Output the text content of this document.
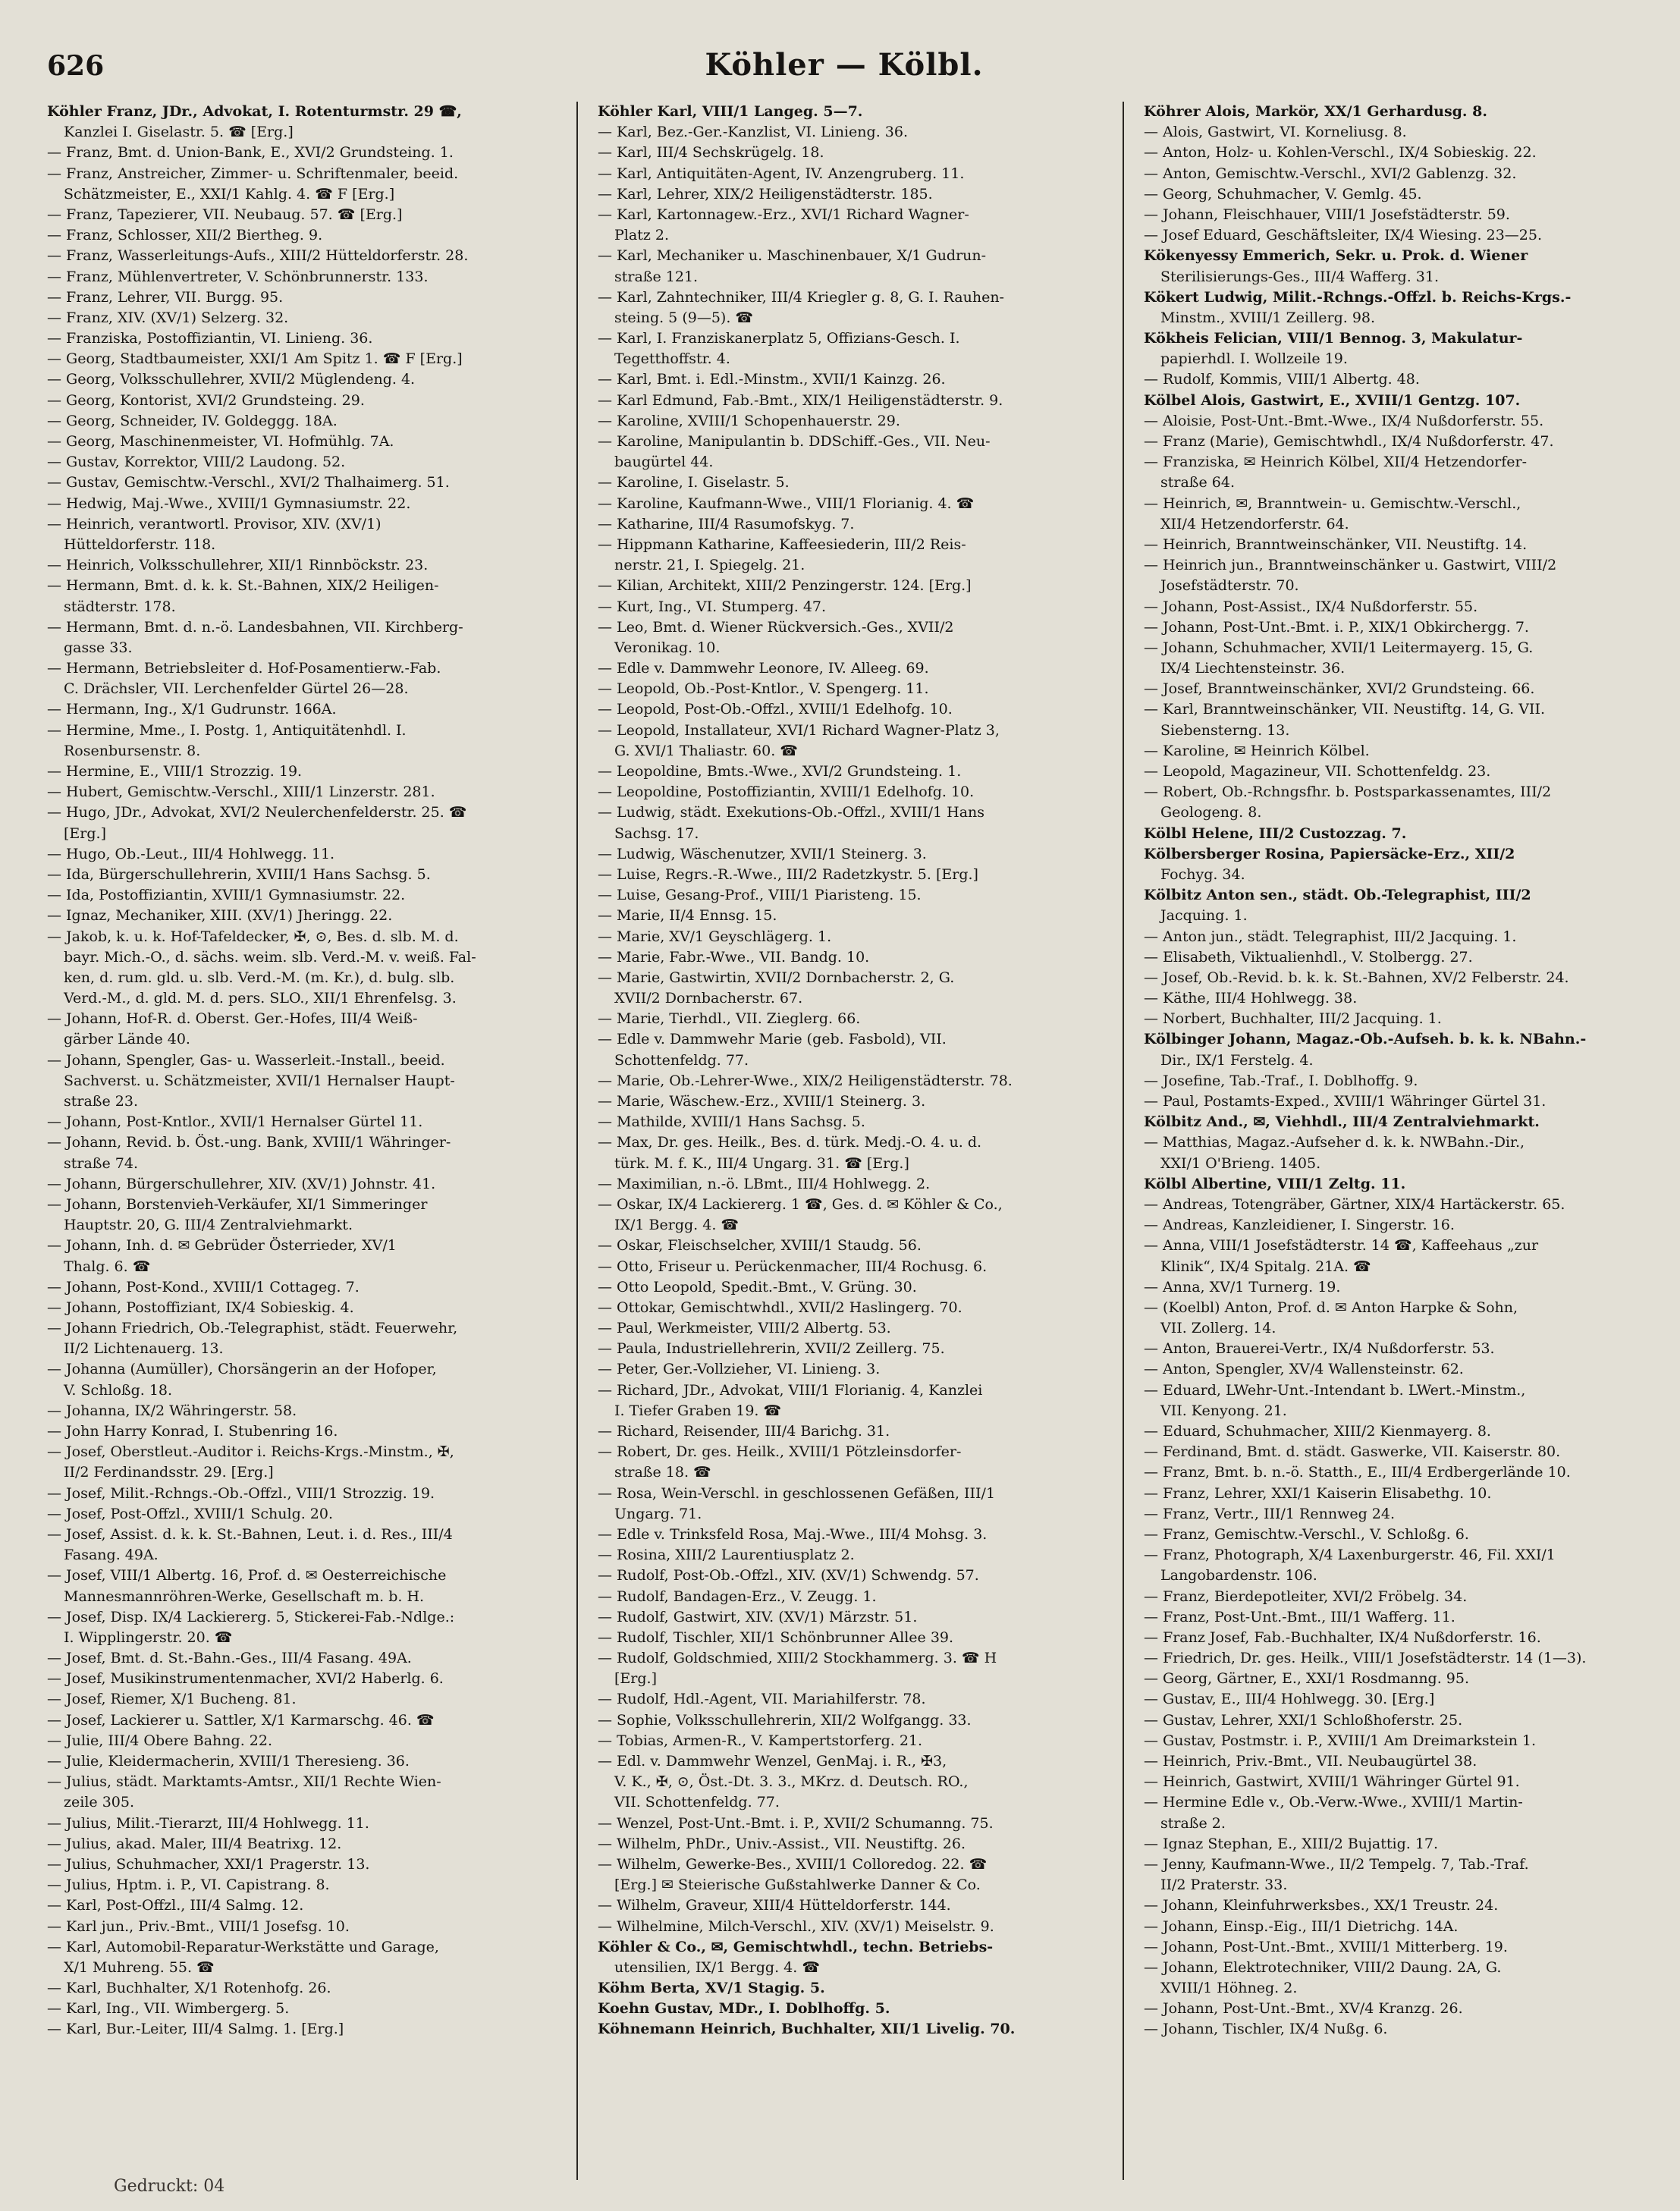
626	Köhler — Kölbl.
Köhler Franz, JDr., Advokat, I. Rotenturmstr. 29 ☎,
Kanzlei I. Giselastr. 5. ☎ [Erg.]
— Franz, Bmt. d. Union-Bank, E., XVI/2 Grundsteing. 1.
— Franz, Anstreicher, Zimmer- u. Schriftenmaler, beeid.
Schätzmeister, E., XXI/1 Kahlg. 4. ☎ F [Erg.]
— Franz, Tapezierer, VII. Neubaug. 57. ☎ [Erg.]
— Franz, Schlosser, XII/2 Biertheg. 9.
— Franz, Wasserleitungs-Aufs., XIII/2 Hütteldorferstr. 28.
— Franz, Mühlenvertreter, V. Schönbrunnerstr. 133.
— Franz, Lehrer, VII. Burgg. 95.
— Franz, XIV. (XV/1) Selzerg. 32.
— Franziska, Postoffiziantin, VI. Linieng. 36.
— Georg, Stadtbaumeister, XXI/1 Am Spitz 1. ☎ F [Erg.]
— Georg, Volksschullehrer, XVII/2 Müglendeng. 4.
— Georg, Kontorist, XVI/2 Grundsteing. 29.
— Georg, Schneider, IV. Goldeggg. 18A.
— Georg, Maschinenmeister, VI. Hofmühlg. 7A.
— Gustav, Korrektor, VIII/2 Laudong. 52.
— Gustav, Gemischtw.-Verschl., XVI/2 Thalhaimerg. 51.
— Hedwig, Maj.-Wwe., XVIII/1 Gymnasiumstr. 22.
— Heinrich, verantwortl. Provisor, XIV. (XV/1)
Hütteldorferstr. 118.
— Heinrich, Volksschullehrer, XII/1 Rinnböckstr. 23.
— Hermann, Bmt. d. k. k. St.-Bahnen, XIX/2 Heiligen-
städterstr. 178.
— Hermann, Bmt. d. n.-ö. Landesbahnen, VII. Kirchberg-
gasse 33.
— Hermann, Betriebsleiter d. Hof-Posamentierw.-Fab.
C. Drächsler, VII. Lerchenfelder Gürtel 26—28.
— Hermann, Ing., X/1 Gudrunstr. 166A.
— Hermine, Mme., I. Postg. 1, Antiquitätenhdl. I.
Rosenbursenstr. 8.
— Hermine, E., VIII/1 Strozzig. 19.
— Hubert, Gemischtw.-Verschl., XIII/1 Linzerstr. 281.
— Hugo, JDr., Advokat, XVI/2 Neulerchenfelderstr. 25. ☎
[Erg.]
— Hugo, Ob.-Leut., III/4 Hohlwegg. 11.
— Ida, Bürgerschullehrerin, XVIII/1 Hans Sachsg. 5.
— Ida, Postoffiziantin, XVIII/1 Gymnasiumstr. 22.
— Ignaz, Mechaniker, XIII. (XV/1) Jheringg. 22.
— Jakob, k. u. k. Hof-Tafeldecker, ✠, ⊙, Bes. d. slb. M. d.
bayr. Mich.-O., d. sächs. weim. slb. Verd.-M. v. weiß. Fal-
ken, d. rum. gld. u. slb. Verd.-M. (m. Kr.), d. bulg. slb.
Verd.-M., d. gld. M. d. pers. SLO., XII/1 Ehrenfelsg. 3.
— Johann, Hof-R. d. Oberst. Ger.-Hofes, III/4 Weiß-
gärber Lände 40.
— Johann, Spengler, Gas- u. Wasserleit.-Install., beeid.
Sachverst. u. Schätzmeister, XVII/1 Hernalser Haupt-
straße 23.
— Johann, Post-Kntlor., XVII/1 Hernalser Gürtel 11.
— Johann, Revid. b. Öst.-ung. Bank, XVIII/1 Währinger-
straße 74.
— Johann, Bürgerschullehrer, XIV. (XV/1) Johnstr. 41.
— Johann, Borstenvieh-Verkäufer, XI/1 Simmeringer
Hauptstr. 20, G. III/4 Zentralviehmarkt.
— Johann, Inh. d. ✉ Gebrüder Österrieder, XV/1
Thalg. 6. ☎
— Johann, Post-Kond., XVIII/1 Cottageg. 7.
— Johann, Postoffiziant, IX/4 Sobieskig. 4.
— Johann Friedrich, Ob.-Telegraphist, städt. Feuerwehr,
II/2 Lichtenauerg. 13.
— Johanna (Aumüller), Chorsängerin an der Hofoper,
V. Schloßg. 18.
— Johanna, IX/2 Währingerstr. 58.
— John Harry Konrad, I. Stubenring 16.
— Josef, Oberstleut.-Auditor i. Reichs-Krgs.-Minstm., ✠,
II/2 Ferdinandsstr. 29. [Erg.]
— Josef, Milit.-Rchngs.-Ob.-Offzl., VIII/1 Strozzig. 19.
— Josef, Post-Offzl., XVIII/1 Schulg. 20.
— Josef, Assist. d. k. k. St.-Bahnen, Leut. i. d. Res., III/4
Fasang. 49A.
— Josef, VIII/1 Albertg. 16, Prof. d. ✉ Oesterreichische
Mannesmannröhren-Werke, Gesellschaft m. b. H.
— Josef, Disp. IX/4 Lackiererg. 5, Stickerei-Fab.-Ndlge.:
I. Wipplingerstr. 20. ☎
— Josef, Bmt. d. St.-Bahn.-Ges., III/4 Fasang. 49A.
— Josef, Musikinstrumentenmacher, XVI/2 Haberlg. 6.
— Josef, Riemer, X/1 Bucheng. 81.
— Josef, Lackierer u. Sattler, X/1 Karmarschg. 46. ☎
— Julie, III/4 Obere Bahng. 22.
— Julie, Kleidermacherin, XVIII/1 Theresieng. 36.
— Julius, städt. Marktamts-Amtsr., XII/1 Rechte Wien-
zeile 305.
— Julius, Milit.-Tierarzt, III/4 Hohlwegg. 11.
— Julius, akad. Maler, III/4 Beatrixg. 12.
— Julius, Schuhmacher, XXI/1 Pragerstr. 13.
— Julius, Hptm. i. P., VI. Capistrang. 8.
— Karl, Post-Offzl., III/4 Salmg. 12.
— Karl jun., Priv.-Bmt., VIII/1 Josefsg. 10.
— Karl, Automobil-Reparatur-Werkstätte und Garage,
X/1 Muhreng. 55. ☎
— Karl, Buchhalter, X/1 Rotenhofg. 26.
— Karl, Ing., VII. Wimbergerg. 5.
— Karl, Bur.-Leiter, III/4 Salmg. 1. [Erg.]
Köhler Karl, VIII/1 Langeg. 5—7.
— Karl, Bez.-Ger.-Kanzlist, VI. Linieng. 36.
— Karl, III/4 Sechskrügelg. 18.
— Karl, Antiquitäten-Agent, IV. Anzengruberg. 11.
— Karl, Lehrer, XIX/2 Heiligenstädterstr. 185.
— Karl, Kartonnagew.-Erz., XVI/1 Richard Wagner-
Platz 2.
— Karl, Mechaniker u. Maschinenbauer, X/1 Gudrun-
straße 121.
— Karl, Zahntechniker, III/4 Kriegler g. 8, G. I. Rauhen-
steing. 5 (9—5). ☎
— Karl, I. Franziskanerplatz 5, Offizians-Gesch. I.
Tegetthoffstr. 4.
— Karl, Bmt. i. Edl.-Minstm., XVII/1 Kainzg. 26.
— Karl Edmund, Fab.-Bmt., XIX/1 Heiligenstädterstr. 9.
— Karoline, XVIII/1 Schopenhauerstr. 29.
— Karoline, Manipulantin b. DDSchiff.-Ges., VII. Neu-
baugürtel 44.
— Karoline, I. Giselastr. 5.
— Karoline, Kaufmann-Wwe., VIII/1 Florianig. 4. ☎
— Katharine, III/4 Rasumofskyg. 7.
— Hippmann Katharine, Kaffeesiederin, III/2 Reis-
nerstr. 21, I. Spiegelg. 21.
— Kilian, Architekt, XIII/2 Penzingerstr. 124. [Erg.]
— Kurt, Ing., VI. Stumperg. 47.
— Leo, Bmt. d. Wiener Rückversich.-Ges., XVII/2
Veronikag. 10.
— Edle v. Dammwehr Leonore, IV. Alleeg. 69.
— Leopold, Ob.-Post-Kntlor., V. Spengerg. 11.
— Leopold, Post-Ob.-Offzl., XVIII/1 Edelhofg. 10.
— Leopold, Installateur, XVI/1 Richard Wagner-Platz 3,
G. XVI/1 Thaliastr. 60. ☎
— Leopoldine, Bmts.-Wwe., XVI/2 Grundsteing. 1.
— Leopoldine, Postoffiziantin, XVIII/1 Edelhofg. 10.
— Ludwig, städt. Exekutions-Ob.-Offzl., XVIII/1 Hans
Sachsg. 17.
— Ludwig, Wäschenutzer, XVII/1 Steinerg. 3.
— Luise, Regrs.-R.-Wwe., III/2 Radetzkystr. 5. [Erg.]
— Luise, Gesang-Prof., VIII/1 Piaristeng. 15.
— Marie, II/4 Ennsg. 15.
— Marie, XV/1 Geyschlägerg. 1.
— Marie, Fabr.-Wwe., VII. Bandg. 10.
— Marie, Gastwirtin, XVII/2 Dornbacherstr. 2, G.
XVII/2 Dornbacherstr. 67.
— Marie, Tierhdl., VII. Zieglerg. 66.
— Edle v. Dammwehr Marie (geb. Fasbold), VII.
Schottenfeldg. 77.
— Marie, Ob.-Lehrer-Wwe., XIX/2 Heiligenstädterstr. 78.
— Marie, Wäschew.-Erz., XVIII/1 Steinerg. 3.
— Mathilde, XVIII/1 Hans Sachsg. 5.
— Max, Dr. ges. Heilk., Bes. d. türk. Medj.-O. 4. u. d.
türk. M. f. K., III/4 Ungarg. 31. ☎ [Erg.]
— Maximilian, n.-ö. LBmt., III/4 Hohlwegg. 2.
— Oskar, IX/4 Lackiererg. 1 ☎, Ges. d. ✉ Köhler & Co.,
IX/1 Bergg. 4. ☎
— Oskar, Fleischselcher, XVIII/1 Staudg. 56.
— Otto, Friseur u. Perückenmacher, III/4 Rochusg. 6.
— Otto Leopold, Spedit.-Bmt., V. Grüng. 30.
— Ottokar, Gemischtwhdl., XVII/2 Haslingerg. 70.
— Paul, Werkmeister, VIII/2 Albertg. 53.
— Paula, Industriellehrerin, XVII/2 Zeillerg. 75.
— Peter, Ger.-Vollzieher, VI. Linieng. 3.
— Richard, JDr., Advokat, VIII/1 Florianig. 4, Kanzlei
I. Tiefer Graben 19. ☎
— Richard, Reisender, III/4 Barichg. 31.
— Robert, Dr. ges. Heilk., XVIII/1 Pötzleinsdorfer-
straße 18. ☎
— Rosa, Wein-Verschl. in geschlossenen Gefäßen, III/1
Ungarg. 71.
— Edle v. Trinksfeld Rosa, Maj.-Wwe., III/4 Mohsg. 3.
— Rosina, XIII/2 Laurentiusplatz 2.
— Rudolf, Post-Ob.-Offzl., XIV. (XV/1) Schwendg. 57.
— Rudolf, Bandagen-Erz., V. Zeugg. 1.
— Rudolf, Gastwirt, XIV. (XV/1) Märzstr. 51.
— Rudolf, Tischler, XII/1 Schönbrunner Allee 39.
— Rudolf, Goldschmied, XIII/2 Stockhammerg. 3. ☎ H
[Erg.]
— Rudolf, Hdl.-Agent, VII. Mariahilferstr. 78.
— Sophie, Volksschullehrerin, XII/2 Wolfgangg. 33.
— Tobias, Armen-R., V. Kampertstorferg. 21.
— Edl. v. Dammwehr Wenzel, GenMaj. i. R., ✠3,
V. K., ✠, ⊙, Öst.-Dt. 3. 3., MKrz. d. Deutsch. RO.,
VII. Schottenfeldg. 77.
— Wenzel, Post-Unt.-Bmt. i. P., XVII/2 Schumanng. 75.
— Wilhelm, PhDr., Univ.-Assist., VII. Neustiftg. 26.
— Wilhelm, Gewerke-Bes., XVIII/1 Colloredog. 22. ☎
[Erg.] ✉ Steierische Gußstahlwerke Danner & Co.
— Wilhelm, Graveur, XIII/4 Hütteldorferstr. 144.
— Wilhelmine, Milch-Verschl., XIV. (XV/1) Meiselstr. 9.
Köhler & Co., ✉, Gemischtwhdl., techn. Betriebs-
utensilien, IX/1 Bergg. 4. ☎
Köhm Berta, XV/1 Stagig. 5.
Koehn Gustav, MDr., I. Doblhoffg. 5.
Köhnemann Heinrich, Buchhalter, XII/1 Livelig. 70.
Köhrer Alois, Markör, XX/1 Gerhardusg. 8.
— Alois, Gastwirt, VI. Korneliusg. 8.
— Anton, Holz- u. Kohlen-Verschl., IX/4 Sobieskig. 22.
— Anton, Gemischtw.-Verschl., XVI/2 Gablenzg. 32.
— Georg, Schuhmacher, V. Gemlg. 45.
— Johann, Fleischhauer, VIII/1 Josefstädterstr. 59.
— Josef Eduard, Geschäftsleiter, IX/4 Wiesing. 23—25.
Kökenyessy Emmerich, Sekr. u. Prok. d. Wiener
Sterilisierungs-Ges., III/4 Wafferg. 31.
Kökert Ludwig, Milit.-Rchngs.-Offzl. b. Reichs-Krgs.-
Minstm., XVIII/1 Zeillerg. 98.
Kökheis Felician, VIII/1 Bennog. 3, Makulatur-
papierhdl. I. Wollzeile 19.
— Rudolf, Kommis, VIII/1 Albertg. 48.
Kölbel Alois, Gastwirt, E., XVIII/1 Gentzg. 107.
— Aloisie, Post-Unt.-Bmt.-Wwe., IX/4 Nußdorferstr. 55.
— Franz (Marie), Gemischtwhdl., IX/4 Nußdorferstr. 47.
— Franziska, ✉ Heinrich Kölbel, XII/4 Hetzendorfer-
straße 64.
— Heinrich, ✉, Branntwein- u. Gemischtw.-Verschl.,
XII/4 Hetzendorferstr. 64.
— Heinrich, Branntweinschänker, VII. Neustiftg. 14.
— Heinrich jun., Branntweinschänker u. Gastwirt, VIII/2
Josefstädterstr. 70.
— Johann, Post-Assist., IX/4 Nußdorferstr. 55.
— Johann, Post-Unt.-Bmt. i. P., XIX/1 Obkirchergg. 7.
— Johann, Schuhmacher, XVII/1 Leitermayerg. 15, G.
IX/4 Liechtensteinstr. 36.
— Josef, Branntweinschänker, XVI/2 Grundsteing. 66.
— Karl, Branntweinschänker, VII. Neustiftg. 14, G. VII.
Siebensterng. 13.
— Karoline, ✉ Heinrich Kölbel.
— Leopold, Magazineur, VII. Schottenfeldg. 23.
— Robert, Ob.-Rchngsfhr. b. Postsparkassenamtes, III/2
Geologeng. 8.
Kölbl Helene, III/2 Custozzag. 7.
Kölbersberger Rosina, Papiersäcke-Erz., XII/2
Fochyg. 34.
Kölbitz Anton sen., städt. Ob.-Telegraphist, III/2
Jacquing. 1.
— Anton jun., städt. Telegraphist, III/2 Jacquing. 1.
— Elisabeth, Viktualienhdl., V. Stolbergg. 27.
— Josef, Ob.-Revid. b. k. k. St.-Bahnen, XV/2 Felberstr. 24.
— Käthe, III/4 Hohlwegg. 38.
— Norbert, Buchhalter, III/2 Jacquing. 1.
Kölbinger Johann, Magaz.-Ob.-Aufseh. b. k. k. NBahn.-
Dir., IX/1 Ferstelg. 4.
— Josefine, Tab.-Traf., I. Doblhoffg. 9.
— Paul, Postamts-Exped., XVIII/1 Währinger Gürtel 31.
Kölbitz And., ✉, Viehhdl., III/4 Zentralviehmarkt.
— Matthias, Magaz.-Aufseher d. k. k. NWBahn.-Dir.,
XXI/1 O'Brieng. 1405.
Kölbl Albertine, VIII/1 Zeltg. 11.
— Andreas, Totengräber, Gärtner, XIX/4 Hartäckerstr. 65.
— Andreas, Kanzleidiener, I. Singerstr. 16.
— Anna, VIII/1 Josefstädterstr. 14 ☎, Kaffeehaus „zur
Klinik“, IX/4 Spitalg. 21A. ☎
— Anna, XV/1 Turnerg. 19.
— (Koelbl) Anton, Prof. d. ✉ Anton Harpke & Sohn,
VII. Zollerg. 14.
— Anton, Brauerei-Vertr., IX/4 Nußdorferstr. 53.
— Anton, Spengler, XV/4 Wallensteinstr. 62.
— Eduard, LWehr-Unt.-Intendant b. LWert.-Minstm.,
VII. Kenyong. 21.
— Eduard, Schuhmacher, XIII/2 Kienmayerg. 8.
— Ferdinand, Bmt. d. städt. Gaswerke, VII. Kaiserstr. 80.
— Franz, Bmt. b. n.-ö. Statth., E., III/4 Erdbergerlände 10.
— Franz, Lehrer, XXI/1 Kaiserin Elisabethg. 10.
— Franz, Vertr., III/1 Rennweg 24.
— Franz, Gemischtw.-Verschl., V. Schloßg. 6.
— Franz, Photograph, X/4 Laxenburgerstr. 46, Fil. XXI/1
Langobardenstr. 106.
— Franz, Bierdepotleiter, XVI/2 Fröbelg. 34.
— Franz, Post-Unt.-Bmt., III/1 Wafferg. 11.
— Franz Josef, Fab.-Buchhalter, IX/4 Nußdorferstr. 16.
— Friedrich, Dr. ges. Heilk., VIII/1 Josefstädterstr. 14 (1—3).
— Georg, Gärtner, E., XXI/1 Rosdmanng. 95.
— Gustav, E., III/4 Hohlwegg. 30. [Erg.]
— Gustav, Lehrer, XXI/1 Schloßhoferstr. 25.
— Gustav, Postmstr. i. P., XVIII/1 Am Dreimarkstein 1.
— Heinrich, Priv.-Bmt., VII. Neubaugürtel 38.
— Heinrich, Gastwirt, XVIII/1 Währinger Gürtel 91.
— Hermine Edle v., Ob.-Verw.-Wwe., XVIII/1 Martin-
straße 2.
— Ignaz Stephan, E., XIII/2 Bujattig. 17.
— Jenny, Kaufmann-Wwe., II/2 Tempelg. 7, Tab.-Traf.
II/2 Praterstr. 33.
— Johann, Kleinfuhrwerksbes., XX/1 Treustr. 24.
— Johann, Einsp.-Eig., III/1 Dietrichg. 14A.
— Johann, Post-Unt.-Bmt., XVIII/1 Mitterberg. 19.
— Johann, Elektrotechniker, VIII/2 Daung. 2A, G.
XVIII/1 Höhneg. 2.
— Johann, Post-Unt.-Bmt., XV/4 Kranzg. 26.
— Johann, Tischler, IX/4 Nußg. 6.
Gedruckt: 04
